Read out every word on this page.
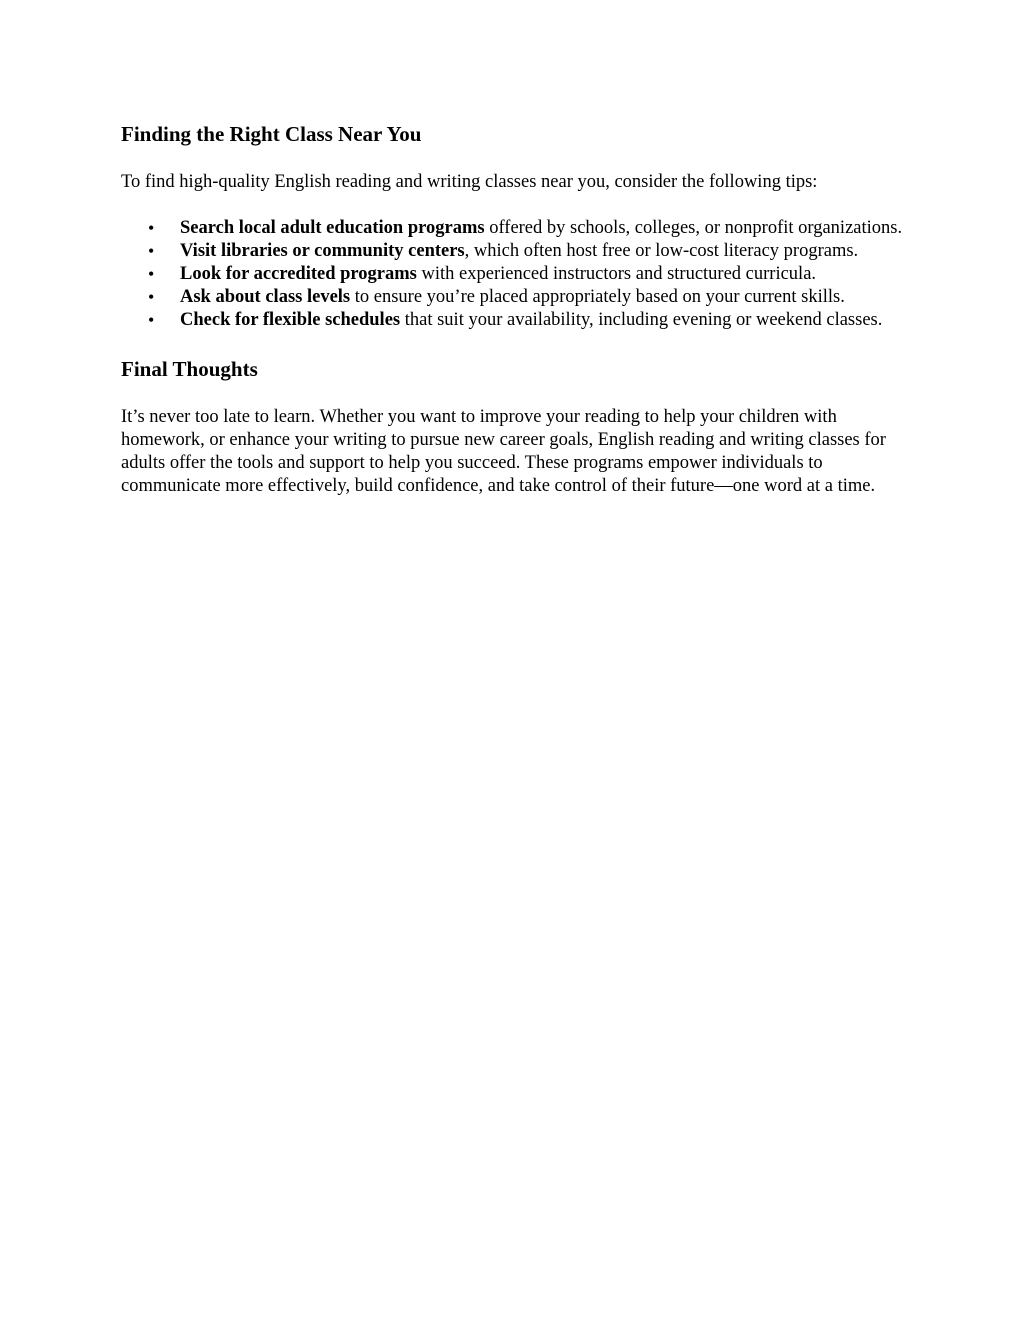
Finding the Right Class Near You

To find high-quality English reading and writing classes near you, consider the following tips:

• Search local adult education programs offered by schools, colleges, or nonprofit organizations.
• Visit libraries or community centers, which often host free or low-cost literacy programs.
• Look for accredited programs with experienced instructors and structured curricula.
• Ask about class levels to ensure you’re placed appropriately based on your current skills.
• Check for flexible schedules that suit your availability, including evening or weekend classes.
Final Thoughts

It’s never too late to learn. Whether you want to improve your reading to help your children with homework, or enhance your writing to pursue new career goals, English reading and writing classes for adults offer the tools and support to help you succeed. These programs empower individuals to communicate more effectively, build confidence, and take control of their future—one word at a time.
